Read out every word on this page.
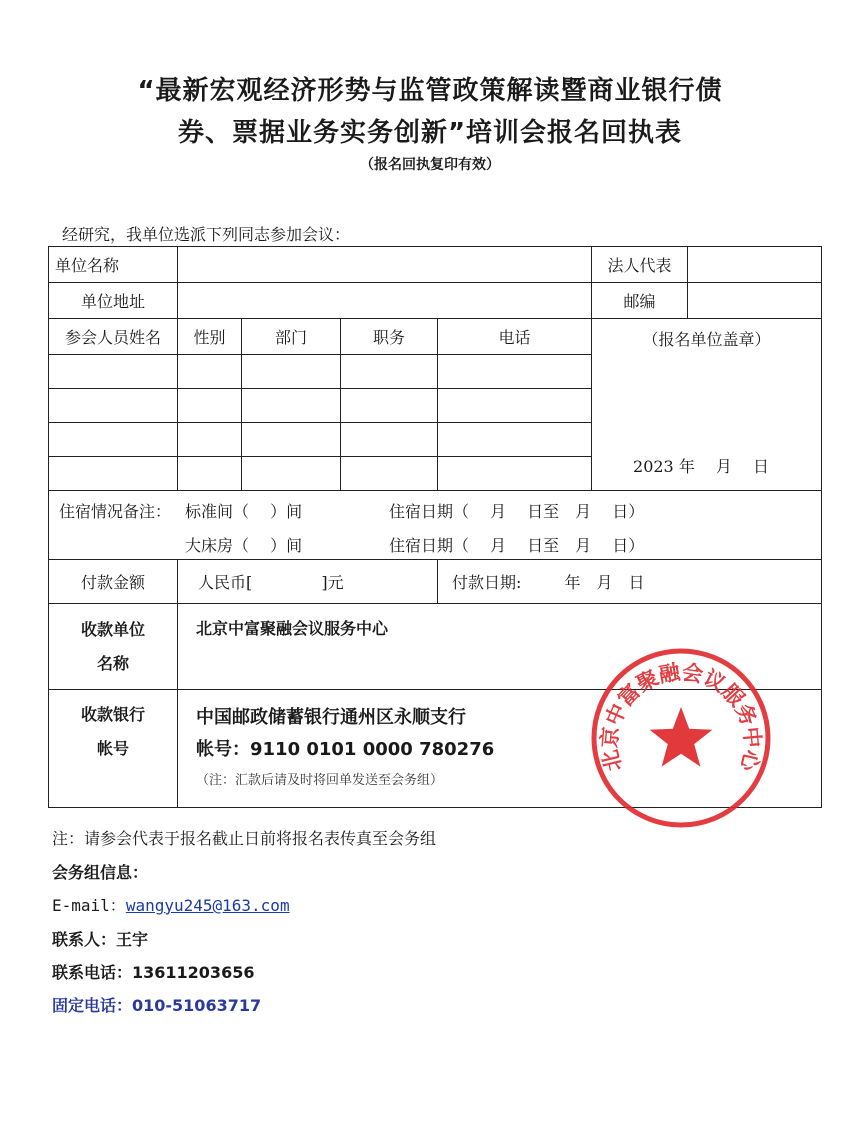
“最新宏观经济形势与监管政策解读暨商业银行债
券、票据业务实务创新”培训会报名回执表
（报名回执复印有效）
经研究，我单位选派下列同志参加会议：
单位名称					法人代表	
单位地址					邮编	
参会人员姓名	性别	部门	职务	电话	（报名单位盖章）
2023 年　 月　 日	

住宿情况备注： 标准间（　 ）间 住宿日期（　 月　 日至　月　 日）
大床房（　 ）间 住宿日期（　 月　 日至　月　 日）						

付款金额	人民币[　　　　 ]元			付款日期: 年　月　日		
收款单位名称	北京中富聚融会议服务中心					
收款银行帐号	中国邮政储蓄银行通州区永顺支行
帐号：9110 0101 0000 780276
（注：汇款后请及时将回单发送至会务组）					
北京中富聚融会议服务中心
注：请参会代表于报名截止日前将报名表传真至会务组
会务组信息：
E-mail：wangyu245@163.com
联系人：王宇
联系电话：13611203656
固定电话：010-51063717
